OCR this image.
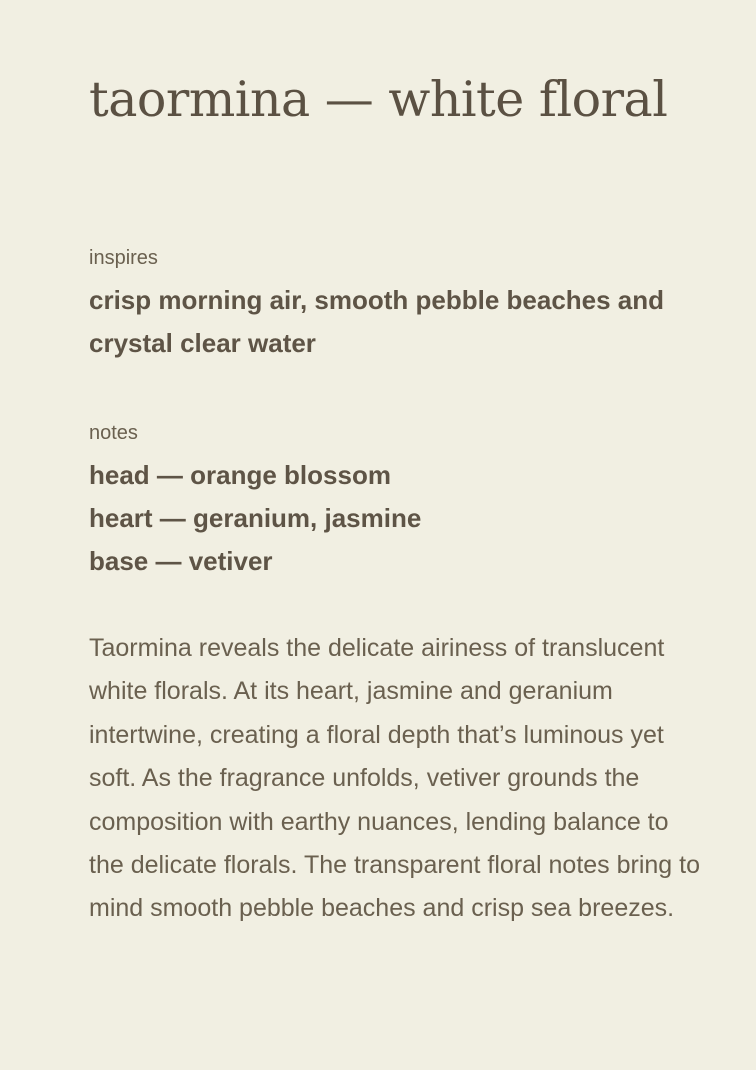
taormina — white floral

inspires

crisp morning air, smooth pebble beaches and crystal clear water

notes

head — orange blossom
heart — geranium, jasmine
base — vetiver

Taormina reveals the delicate airiness of translucent white florals. At its heart, jasmine and geranium intertwine, creating a floral depth that’s luminous yet soft. As the fragrance unfolds, vetiver grounds the composition with earthy nuances, lending balance to the delicate florals. The transparent floral notes bring to mind smooth pebble beaches and crisp sea breezes.
